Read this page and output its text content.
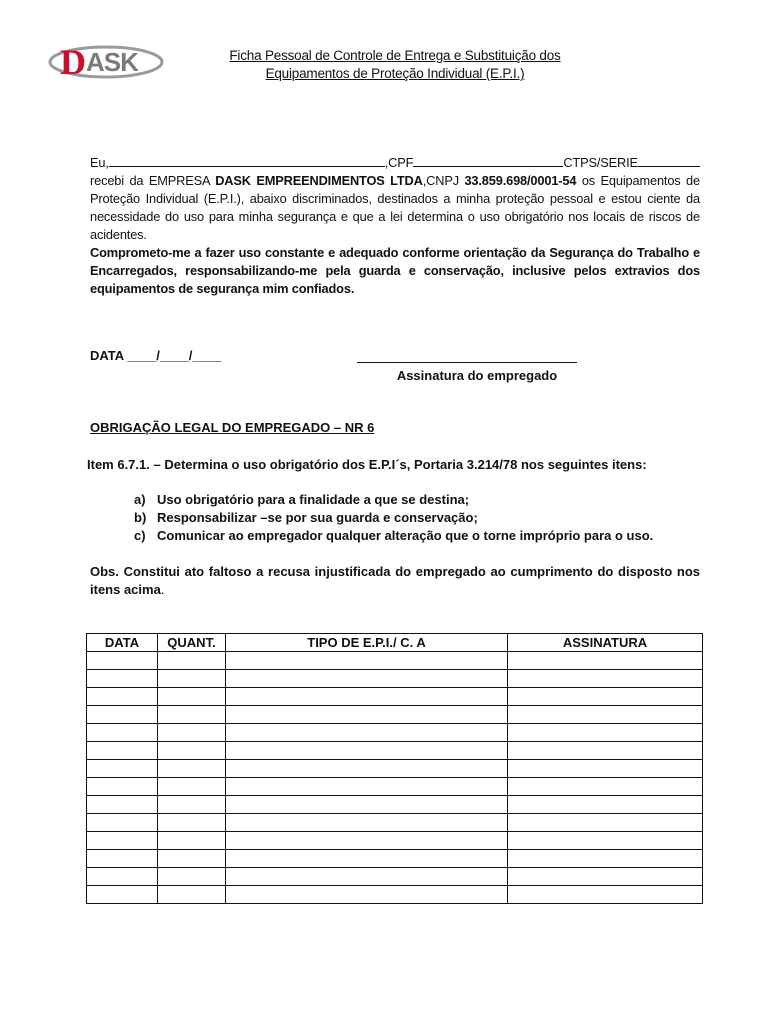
D ASK	Ficha Pessoal de Controle de Entrega e Substituição dos
Equipamentos de Proteção Individual (E.P.I.)

Eu,	,CPF	CTPS/SERIE

recebi da EMPRESA DASK EMPREENDIMENTOS LTDA,CNPJ 33.859.698/0001-54 os Equipamentos de Proteção Individual (E.P.I.), abaixo discriminados, destinados a minha proteção pessoal e estou ciente da necessidade do uso para minha segurança e que a lei determina o uso obrigatório nos locais de riscos de acidentes.

Comprometo-me a fazer uso constante e adequado conforme orientação da Segurança do Trabalho e Encarregados, responsabilizando-me pela guarda e conservação, inclusive pelos extravios dos equipamentos de segurança mim confiados.

DATA ____/____/____
Assinatura do empregado
OBRIGAÇÃO LEGAL DO EMPREGADO – NR 6
Item 6.7.1. – Determina o uso obrigatório dos E.P.I´s, Portaria 3.214/78 nos seguintes itens:
a) Uso obrigatório para a finalidade a que se destina;
b) Responsabilizar –se por sua guarda e conservação;
c) Comunicar ao empregador qualquer alteração que o torne impróprio para o uso.
Obs. Constitui ato faltoso a recusa injustificada do empregado ao cumprimento do disposto nos itens acima.
DATA	QUANT.	TIPO DE E.P.I./ C. A	ASSINATURA
